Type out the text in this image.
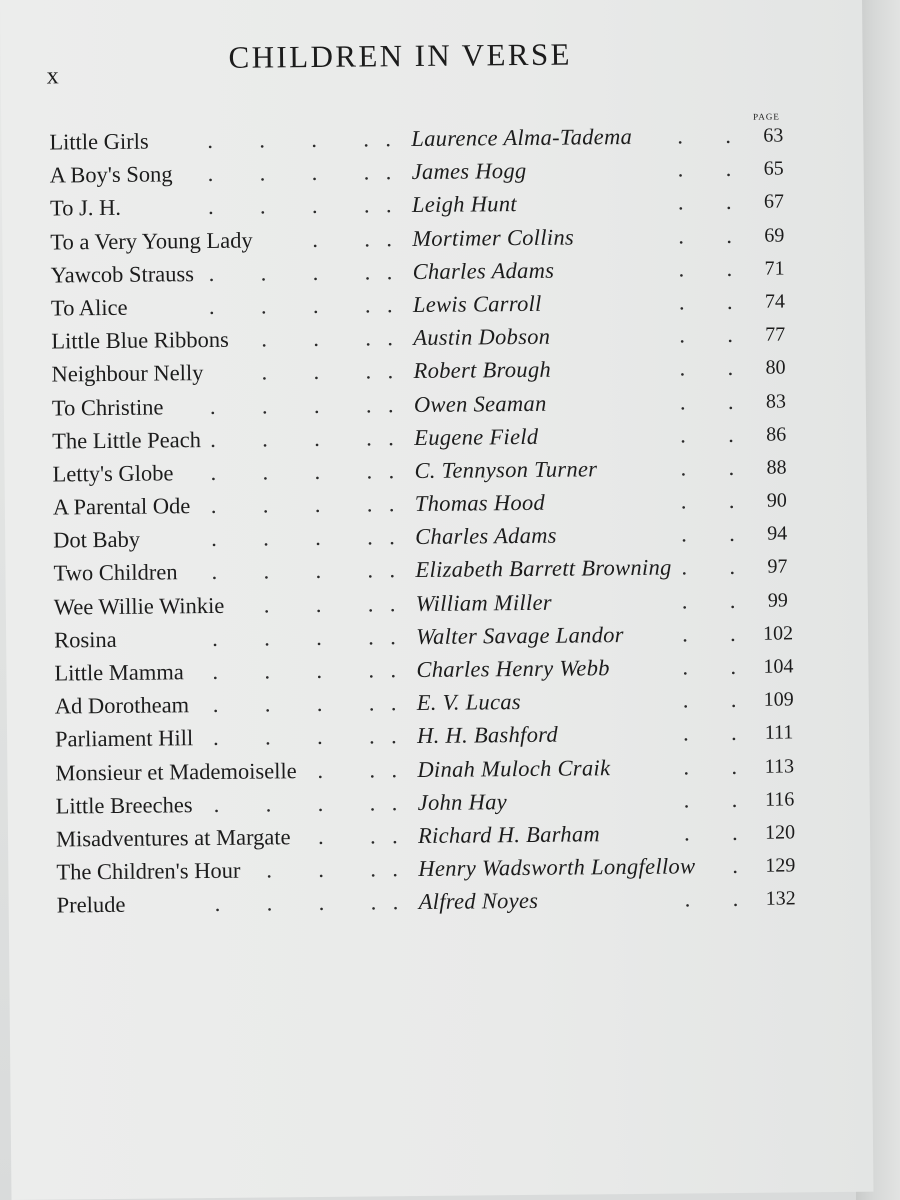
x
CHILDREN IN VERSE
PAGE
Little Girls	. . . . . Laurence Alma-Tadema . .	63
A Boy's Song . . . . . James Hogg	. .	65
To J. H.	. . . . . Leigh Hunt	. .	67
To a Very Young Lady	. . . Mortimer Collins	. .	69
Yawcob Strauss . . . . . Charles Adams	. .	71
To Alice	. . . . . Lewis Carroll	. .	74
Little Blue Ribbons . . . . Austin Dobson	. .	77
Neighbour Nelly	. . . . Robert Brough	. .	80
To Christine . . . . . Owen Seaman	. .	83
The Little Peach . . . . . Eugene Field	. .	86
Letty's Globe . . . . . C. Tennyson Turner	. .	88
A Parental Ode . . . . . Thomas Hood	. .	90
Dot Baby	. . . . . Charles Adams	. .	94
Two Children . . . . . Elizabeth Barrett Browning . .	97
Wee Willie Winkie . . . . William Miller	. .	99
Rosina	. . . . . Walter Savage Landor	. . 102
Little Mamma . . . . . Charles Henry Webb	. . 104
Ad Dorotheam . . . . . E. V. Lucas	. . 109
Parliament Hill . . . . . H. H. Bashford	. . 111
Monsieur et Mademoiselle . . . Dinah Muloch Craik	. . 113
Little Breeches . . . . . John Hay	. . 116
Misadventures at Margate . . . Richard H. Barham	. . 120
The Children's Hour . . . . Henry Wadsworth Longfellow . 129
Prelude	. . . . . Alfred Noyes	. . 132
